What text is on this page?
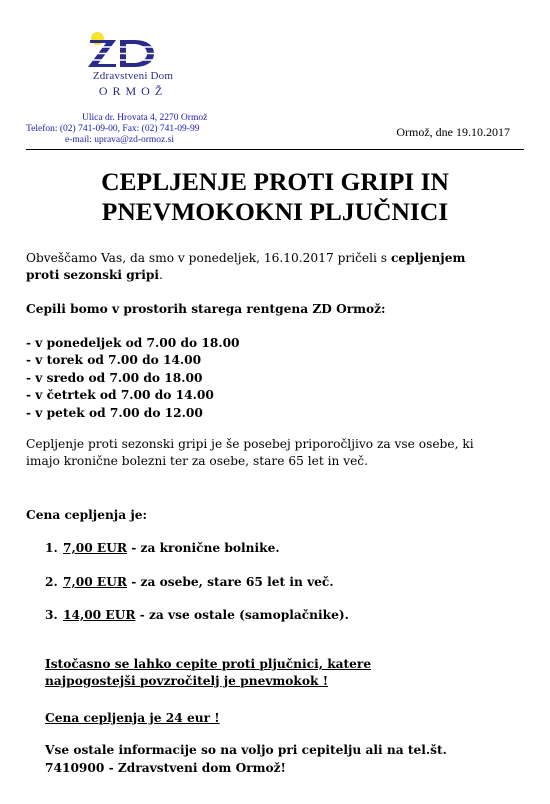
Zdravstveni Dom
ORMOŽ
Ulica dr. Hrovata 4, 2270 Ormož
Telefon: (02) 741-09-00, Fax: (02) 741-09-99
e-mail: uprava@zd-ormoz.si
Ormož, dne 19.10.2017
CEPLJENJE PROTI GRIPI IN
PNEVMOKOKNI PLJUČNICI
Obveščamo Vas, da smo v ponedeljek, 16.10.2017 pričeli s cepljenjem
proti sezonski gripi.
Cepili bomo v prostorih starega rentgena ZD Ormož:
- v ponedeljek od 7.00 do 18.00
- v torek od 7.00 do 14.00
- v sredo od 7.00 do 18.00
- v četrtek od 7.00 do 14.00
- v petek od 7.00 do 12.00
Cepljenje proti sezonski gripi je še posebej priporočljivo za vse osebe, ki
imajo kronične bolezni ter za osebe, stare 65 let in več.
Cena cepljenja je:
1. 7,00 EUR - za kronične bolnike.
2. 7,00 EUR - za osebe, stare 65 let in več.
3. 14,00 EUR - za vse ostale (samoplačnike).
Istočasno se lahko cepite proti pljučnici, katere
najpogostejši povzročitelj je pnevmokok !
Cena cepljenja je 24 eur !
Vse ostale informacije so na voljo pri cepitelju ali na tel.št.
7410900 - Zdravstveni dom Ormož!
